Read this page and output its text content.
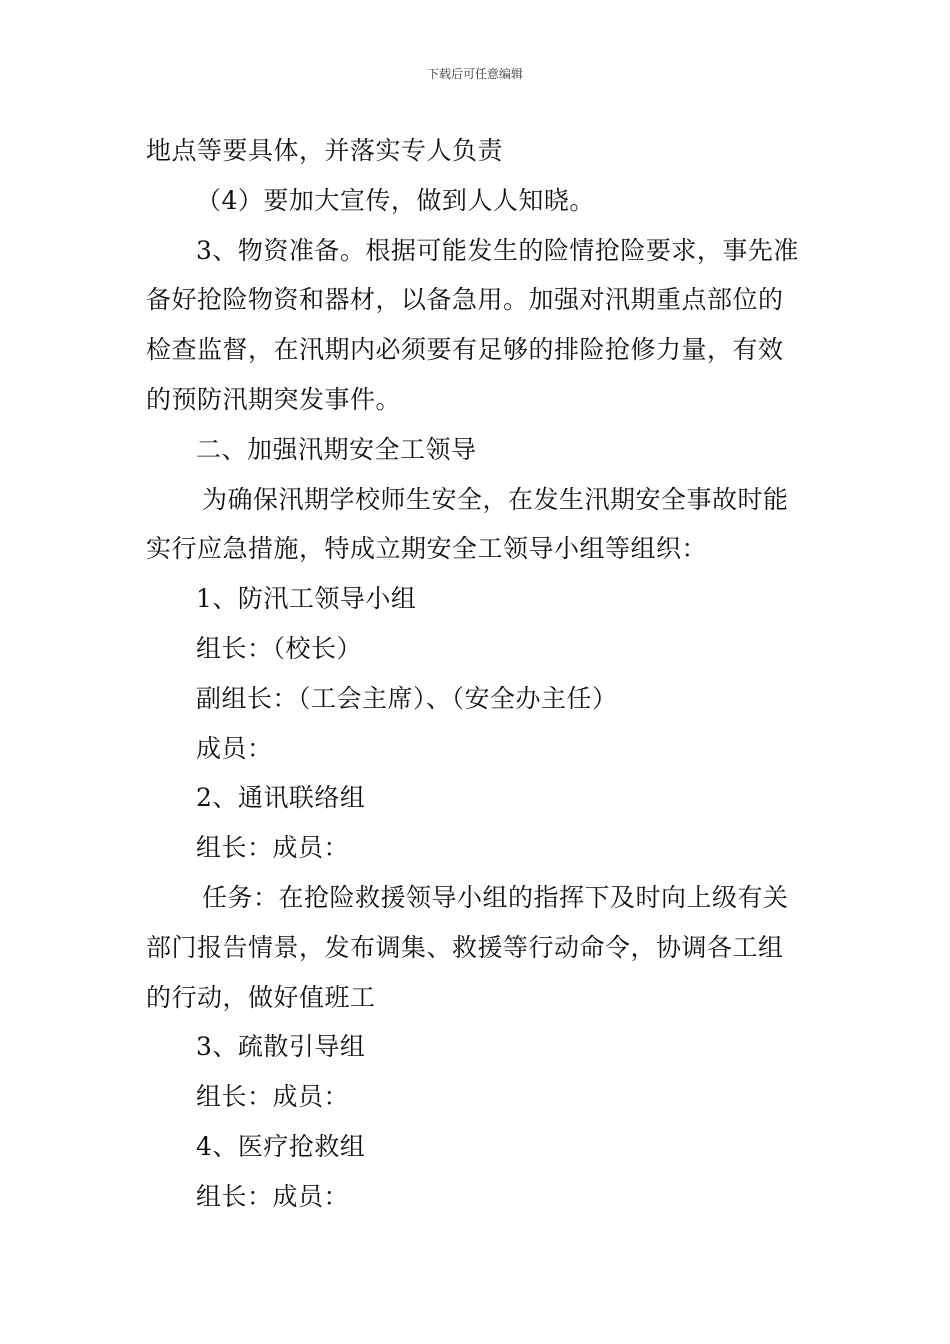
下载后可任意编辑
地点等要具体，并落实专人负责
（4）要加大宣传，做到人人知晓。
3、物资准备。根据可能发生的险情抢险要求，事先准
备好抢险物资和器材，以备急用。加强对汛期重点部位的
检查监督，在汛期内必须要有足够的排险抢修力量，有效
的预防汛期突发事件。
二、加强汛期安全工领导
为确保汛期学校师生安全，在发生汛期安全事故时能
实行应急措施，特成立期安全工领导小组等组织：
1、防汛工领导小组
组长：（校长）
副组长：（工会主席）、（安全办主任）
成员：
2、通讯联络组
组长：成员：
任务：在抢险救援领导小组的指挥下及时向上级有关
部门报告情景，发布调集、救援等行动命令，协调各工组
的行动，做好值班工
3、疏散引导组
组长：成员：
4、医疗抢救组
组长：成员：
